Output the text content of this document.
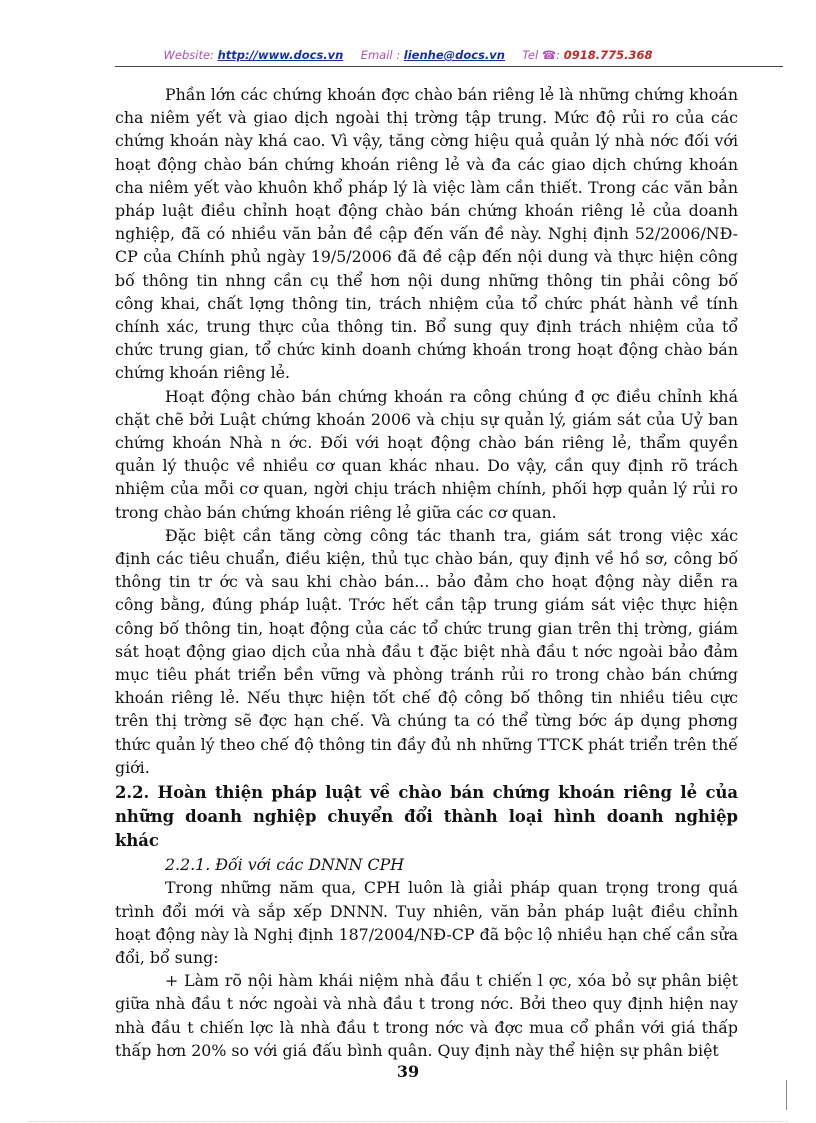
Website: http://www.docs.vn Email : lienhe@docs.vn Tel ☎: 0918.775.368

Phần lớn các chứng khoán đợc chào bán riêng lẻ là những chứng khoán cha niêm yết và giao dịch ngoài thị trờng tập trung. Mức độ rủi ro của các chứng khoán này khá cao. Vì vậy, tăng cờng hiệu quả quản lý nhà nớc đối với hoạt động chào bán chứng khoán riêng lẻ và đa các giao dịch chứng khoán cha niêm yết vào khuôn khổ pháp lý là việc làm cần thiết. Trong các văn bản pháp luật điều chỉnh hoạt động chào bán chứng khoán riêng lẻ của doanh nghiệp, đã có nhiều văn bản đề cập đến vấn đề này. Nghị định 52/2006/NĐ-CP của Chính phủ ngày 19/5/2006 đã đề cập đến nội dung và thực hiện công bố thông tin nhng cần cụ thể hơn nội dung những thông tin phải công bố công khai, chất lợng thông tin, trách nhiệm của tổ chức phát hành về tính chính xác, trung thực của thông tin. Bổ sung quy định trách nhiệm của tổ chức trung gian, tổ chức kinh doanh chứng khoán trong hoạt động chào bán chứng khoán riêng lẻ.

Hoạt động chào bán chứng khoán ra công chúng đ ợc điều chỉnh khá chặt chẽ bởi Luật chứng khoán 2006 và chịu sự quản lý, giám sát của Uỷ ban chứng khoán Nhà n ớc. Đối với hoạt động chào bán riêng lẻ, thẩm quyền quản lý thuộc về nhiều cơ quan khác nhau. Do vậy, cần quy định rõ trách nhiệm của mỗi cơ quan, ngời chịu trách nhiệm chính, phối hợp quản lý rủi ro trong chào bán chứng khoán riêng lẻ giữa các cơ quan.

Đặc biệt cần tăng cờng công tác thanh tra, giám sát trong việc xác định các tiêu chuẩn, điều kiện, thủ tục chào bán, quy định về hồ sơ, công bố thông tin tr ớc và sau khi chào bán... bảo đảm cho hoạt động này diễn ra công bằng, đúng pháp luật. Trớc hết cần tập trung giám sát việc thực hiện công bố thông tin, hoạt động của các tổ chức trung gian trên thị trờng, giám sát hoạt động giao dịch của nhà đầu t đặc biệt nhà đầu t nớc ngoài bảo đảm mục tiêu phát triển bền vững và phòng tránh rủi ro trong chào bán chứng khoán riêng lẻ. Nếu thực hiện tốt chế độ công bố thông tin nhiều tiêu cực trên thị trờng sẽ đợc hạn chế. Và chúng ta có thể từng bớc áp dụng phơng thức quản lý theo chế độ thông tin đầy đủ nh những TTCK phát triển trên thế giới.

2.2. Hoàn thiện pháp luật về chào bán chứng khoán riêng lẻ của những doanh nghiệp chuyển đổi thành loại hình doanh nghiệp khác

2.2.1. Đối với các DNNN CPH

Trong những năm qua, CPH luôn là giải pháp quan trọng trong quá trình đổi mới và sắp xếp DNNN. Tuy nhiên, văn bản pháp luật điều chỉnh hoạt động này là Nghị định 187/2004/NĐ-CP đã bộc lộ nhiều hạn chế cần sửa đổi, bổ sung:

+ Làm rõ nội hàm khái niệm nhà đầu t chiến l ợc, xóa bỏ sự phân biệt giữa nhà đầu t nớc ngoài và nhà đầu t trong nớc. Bởi theo quy định hiện nay nhà đầu t chiến lợc là nhà đầu t trong nớc và đợc mua cổ phần với giá thấp thấp hơn 20% so với giá đấu bình quân. Quy định này thể hiện sự phân biệt

39
